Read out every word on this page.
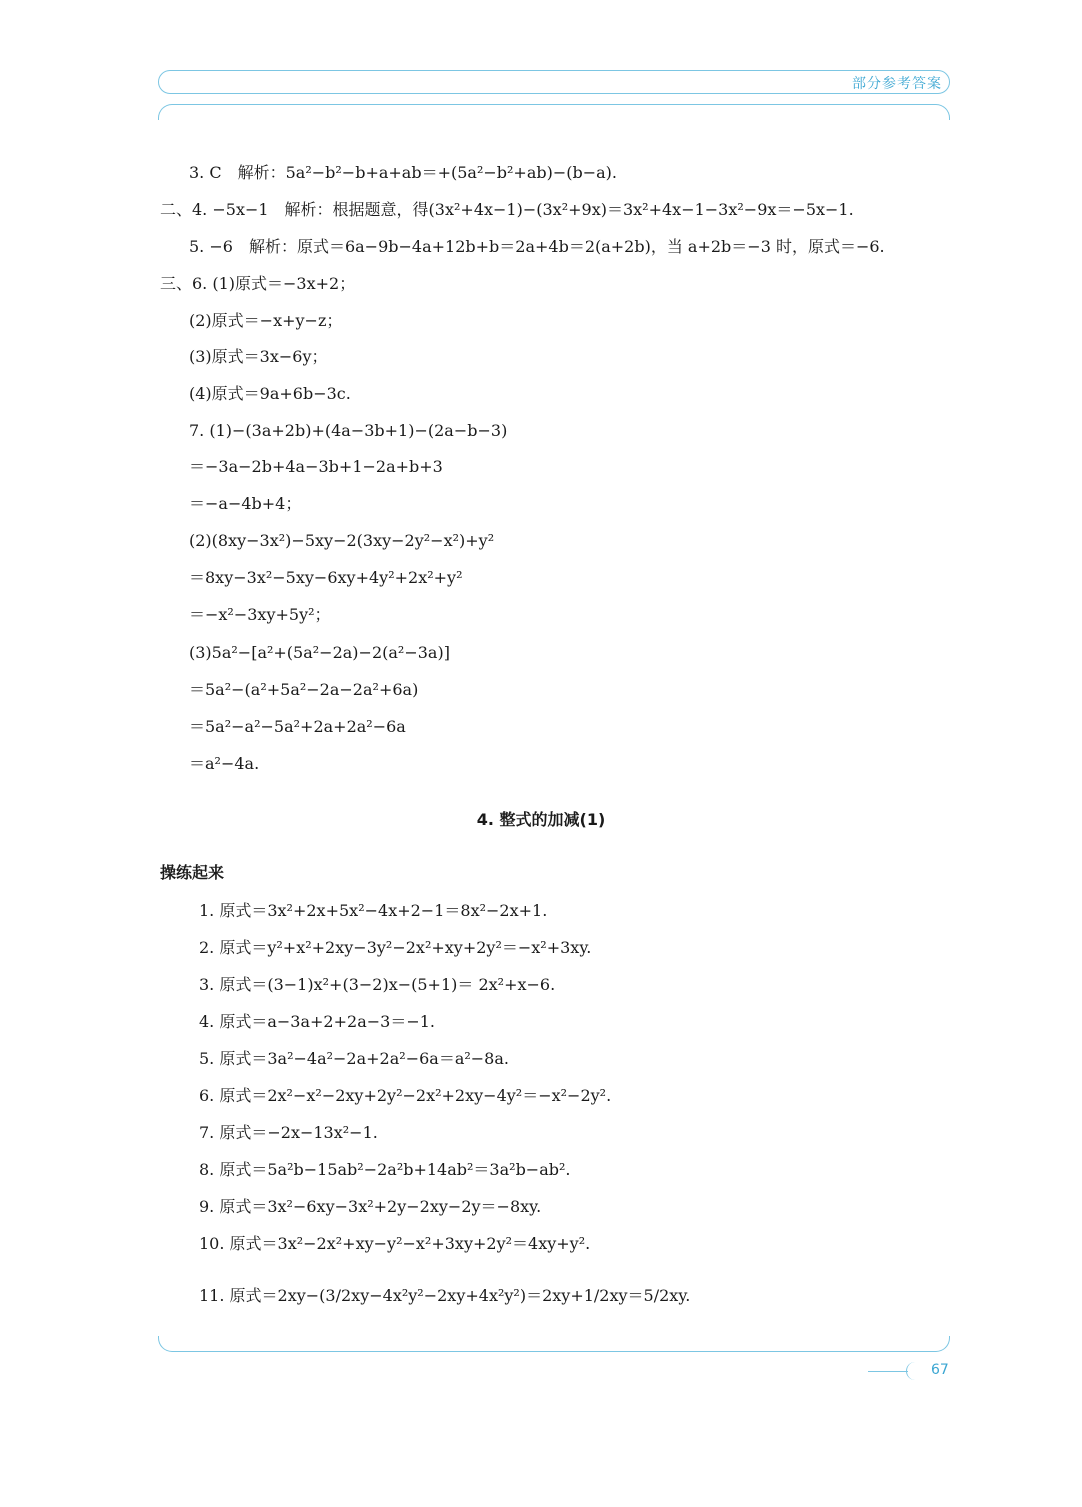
部分参考答案

3. C　解析：5a²−b²−b+a+ab＝+(5a²−b²+ab)−(b−a).

二、4. −5x−1　解析：根据题意，得(3x²+4x−1)−(3x²+9x)＝3x²+4x−1−3x²−9x＝−5x−1.

5. −6　解析：原式＝6a−9b−4a+12b+b＝2a+4b＝2(a+2b)，当 a+2b＝−3 时，原式＝−6.

三、6. (1)原式＝−3x+2；

(2)原式＝−x+y−z；

(3)原式＝3x−6y；

(4)原式＝9a+6b−3c.

7. (1)−(3a+2b)+(4a−3b+1)−(2a−b−3)

＝−3a−2b+4a−3b+1−2a+b+3

＝−a−4b+4；

(2)(8xy−3x²)−5xy−2(3xy−2y²−x²)+y²

＝8xy−3x²−5xy−6xy+4y²+2x²+y²

＝−x²−3xy+5y²；

(3)5a²−[a²+(5a²−2a)−2(a²−3a)]

＝5a²−(a²+5a²−2a−2a²+6a)

＝5a²−a²−5a²+2a+2a²−6a

＝a²−4a.

4. 整式的加减(1)
操练起来

1. 原式＝3x²+2x+5x²−4x+2−1＝8x²−2x+1.

2. 原式＝y²+x²+2xy−3y²−2x²+xy+2y²＝−x²+3xy.

3. 原式＝(3−1)x²+(3−2)x−(5+1)＝ 2x²+x−6.

4. 原式＝a−3a+2+2a−3＝−1.

5. 原式＝3a²−4a²−2a+2a²−6a＝a²−8a.

6. 原式＝2x²−x²−2xy+2y²−2x²+2xy−4y²＝−x²−2y².

7. 原式＝−2x−13x²−1.

8. 原式＝5a²b−15ab²−2a²b+14ab²＝3a²b−ab².

9. 原式＝3x²−6xy−3x²+2y−2xy−2y＝−8xy.

10. 原式＝3x²−2x²+xy−y²−x²+3xy+2y²＝4xy+y².

11. 原式＝2xy−(3/2xy−4x²y²−2xy+4x²y²)＝2xy+1/2xy＝5/2xy.

67
